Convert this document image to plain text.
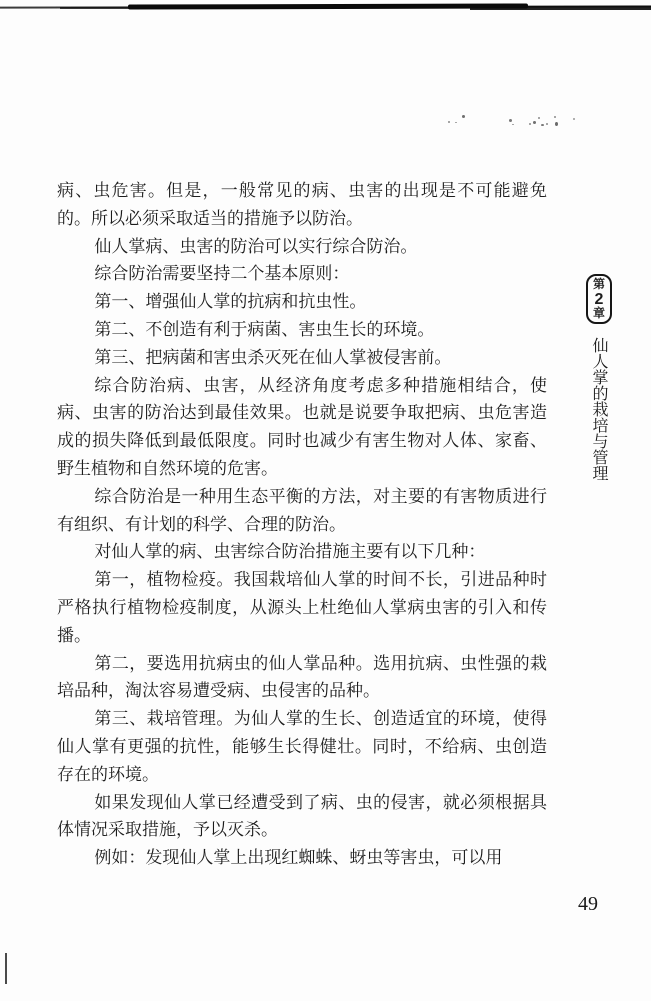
病、虫危害。但是，一般常见的病、虫害的出现是不可能避免的。所以必须采取适当的措施予以防治。

仙人掌病、虫害的防治可以实行综合防治。

综合防治需要坚持二个基本原则：

第一、增强仙人掌的抗病和抗虫性。

第二、不创造有利于病菌、害虫生长的环境。

第三、把病菌和害虫杀灭死在仙人掌被侵害前。

综合防治病、虫害，从经济角度考虑多种措施相结合，使病、虫害的防治达到最佳效果。也就是说要争取把病、虫危害造成的损失降低到最低限度。同时也减少有害生物对人体、家畜、野生植物和自然环境的危害。

综合防治是一种用生态平衡的方法，对主要的有害物质进行有组织、有计划的科学、合理的防治。

对仙人掌的病、虫害综合防治措施主要有以下几种：

第一，植物检疫。我国栽培仙人掌的时间不长，引进品种时严格执行植物检疫制度，从源头上杜绝仙人掌病虫害的引入和传播。

第二，要选用抗病虫的仙人掌品种。选用抗病、虫性强的栽培品种，淘汰容易遭受病、虫侵害的品种。

第三、栽培管理。为仙人掌的生长、创造适宜的环境，使得仙人掌有更强的抗性，能够生长得健壮。同时，不给病、虫创造存在的环境。

如果发现仙人掌已经遭受到了病、虫的侵害，就必须根据具体情况采取措施，予以灭杀。

例如：发现仙人掌上出现红蜘蛛、蚜虫等害虫，可以用

第
2
章
仙人掌的栽培与管理
49
